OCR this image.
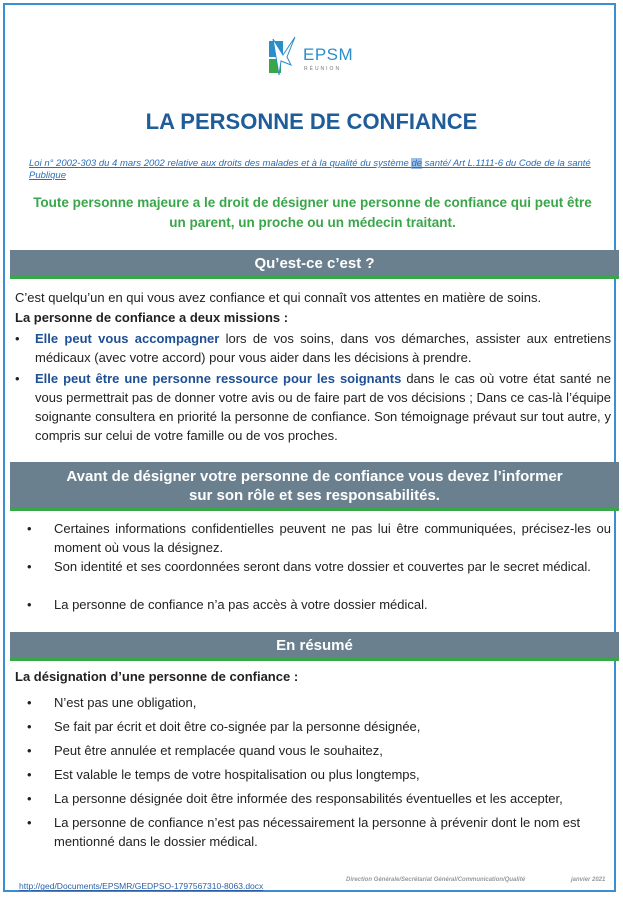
EPSM
RÉUNION
LA PERSONNE DE CONFIANCE
Loi n° 2002-303 du 4 mars 2002 relative aux droits des malades et à la qualité du système de santé/ Art L.1111-6 du Code de la santé Publique
Toute personne majeure a le droit de désigner une personne de confiance qui peut être un parent, un proche ou un médecin traitant.
Qu’est-ce c’est ?
C’est quelqu’un en qui vous avez confiance et qui connaît vos attentes en matière de soins.
La personne de confiance a deux missions :
• Elle peut vous accompagner lors de vos soins, dans vos démarches, assister aux entretiens médicaux (avec votre accord) pour vous aider dans les décisions à prendre.
• Elle peut être une personne ressource pour les soignants dans le cas où votre état santé ne vous permettrait pas de donner votre avis ou de faire part de vos décisions ; Dans ce cas-là l’équipe soignante consultera en priorité la personne de confiance. Son témoignage prévaut sur tout autre, y compris sur celui de votre famille ou de vos proches.
Avant de désigner votre personne de confiance vous devez l’informer
sur son rôle et ses responsabilités.
• Certaines informations confidentielles peuvent ne pas lui être communiquées, précisez-les ou moment où vous la désignez.
• Son identité et ses coordonnées seront dans votre dossier et couvertes par le secret médical.
• La personne de confiance n’a pas accès à votre dossier médical.
En résumé
La désignation d’une personne de confiance :
• N’est pas une obligation,
• Se fait par écrit et doit être co-signée par la personne désignée,
• Peut être annulée et remplacée quand vous le souhaitez,
• Est valable le temps de votre hospitalisation ou plus longtemps,
• La personne désignée doit être informée des responsabilités éventuelles et les accepter,
• La personne de confiance n’est pas nécessairement la personne à prévenir dont le nom est mentionné dans le dossier médical.
http://ged/Documents/EPSMR/GEDPSO-1797567310-8063.docx
Direction Générale/Secrétariat Général/Communication/Qualité	janvier 2021
